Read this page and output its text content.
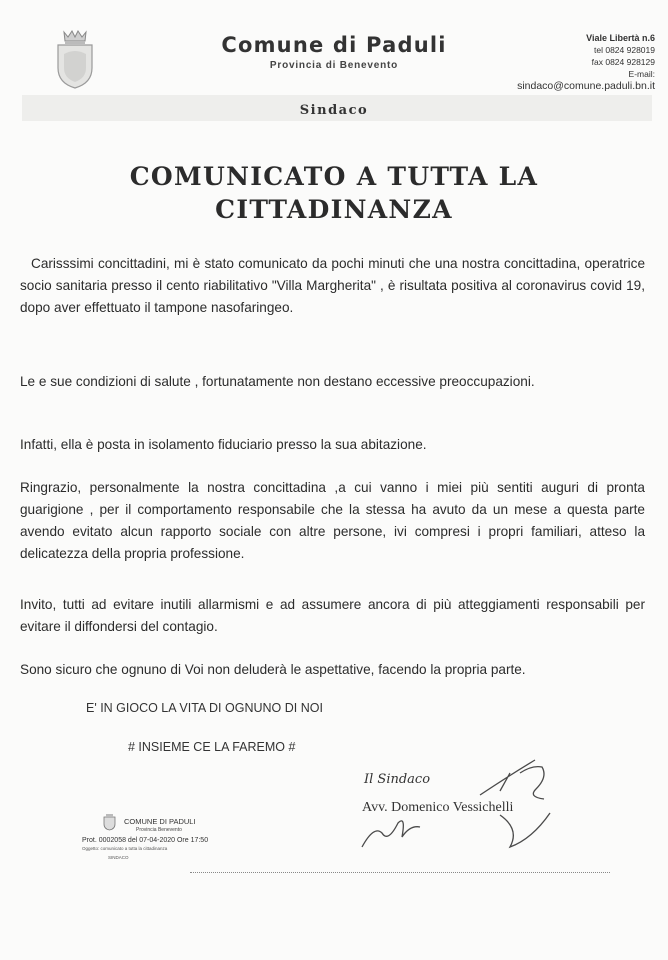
Comune di Paduli
Provincia di Benevento
Viale Libertà n.6
tel 0824 928019
fax 0824 928129
E-mail:
sindaco@comune.paduli.bn.it
Sindaco
COMUNICATO A TUTTA LA
CITTADINANZA
Carisssimi concittadini, mi è stato comunicato da pochi minuti che una nostra concittadina, operatrice socio sanitaria presso il cento riabilitativo "Villa Margherita" , è risultata positiva al coronavirus covid 19, dopo aver effettuato il tampone nasofaringeo.
Le e sue condizioni di salute , fortunatamente non destano eccessive preoccupazioni.
Infatti, ella è posta in isolamento fiduciario presso la sua abitazione.
Ringrazio, personalmente la nostra concittadina ,a cui vanno i miei più sentiti auguri di pronta guarigione , per il comportamento responsabile che la stessa ha avuto da un mese a questa parte avendo evitato alcun rapporto sociale con altre persone, ivi compresi i propri familiari, atteso la delicatezza della propria professione.
Invito, tutti ad evitare inutili allarmismi e ad assumere ancora di più atteggiamenti responsabili per evitare il diffondersi del contagio.
Sono sicuro che ognuno di Voi non deluderà le aspettative, facendo la propria parte.
E' IN GIOCO LA VITA DI OGNUNO DI NOI
# INSIEME CE LA FAREMO #
Il Sindaco
Avv. Domenico Vessichelli
COMUNE DI PADULI
Provincia Benevento
Prot. 0002058 del 07-04-2020 Ore 17:50
Oggetto: comunicato a tutta la cittadinanza
SINDACO
